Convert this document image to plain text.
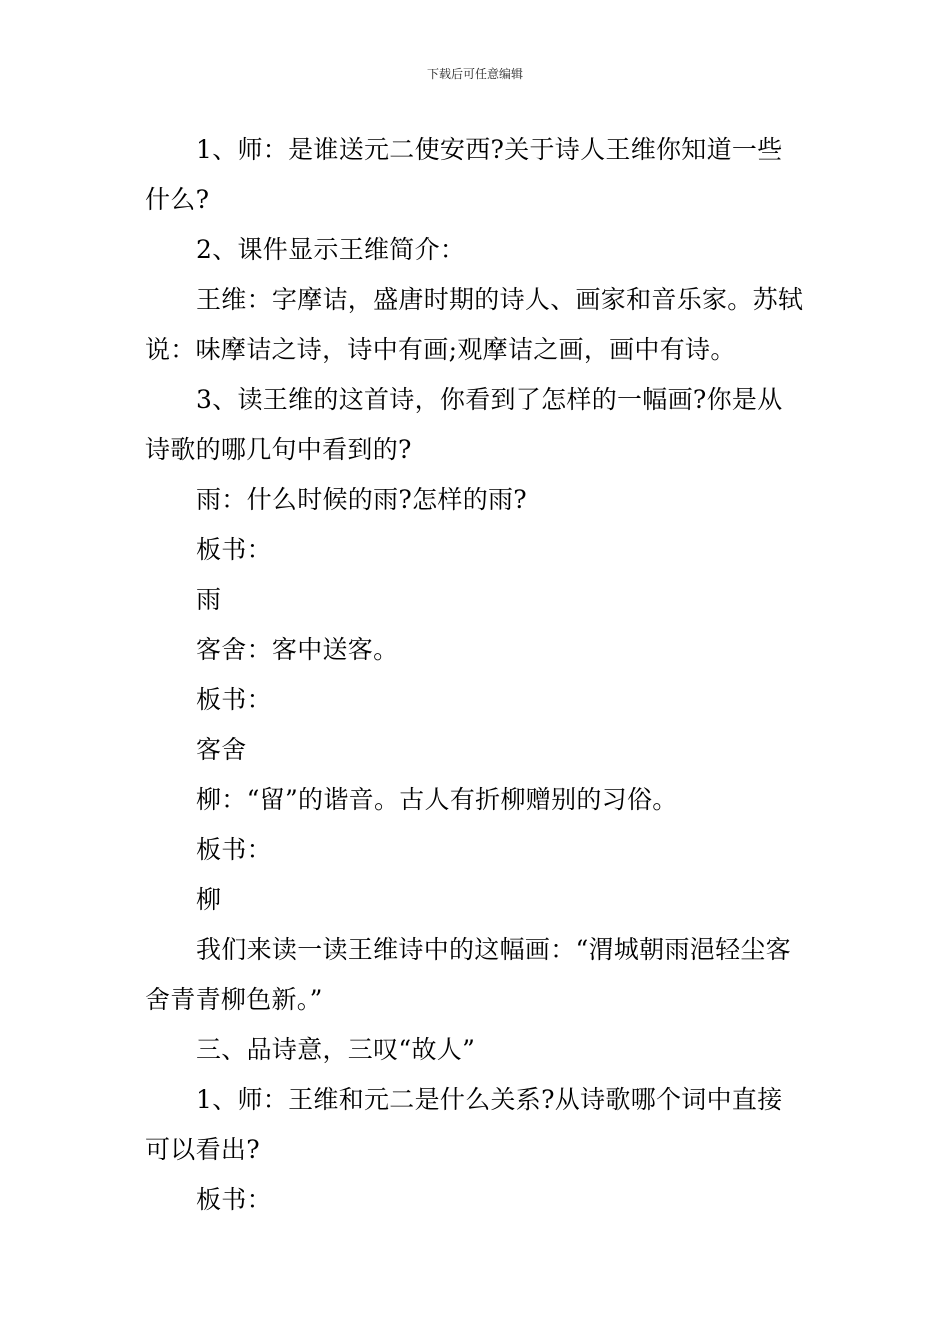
下载后可任意编辑

1、师：是谁送元二使安西?关于诗人王维你知道一些什么?

2、课件显示王维简介：

王维：字摩诘，盛唐时期的诗人、画家和音乐家。苏轼说：味摩诘之诗，诗中有画;观摩诘之画，画中有诗。

3、读王维的这首诗，你看到了怎样的一幅画?你是从诗歌的哪几句中看到的?

雨：什么时候的雨?怎样的雨?

板书：

雨

客舍：客中送客。

板书：

客舍

柳：“留”的谐音。古人有折柳赠别的习俗。

板书：

柳

我们来读一读王维诗中的这幅画：“渭城朝雨浥轻尘客舍青青柳色新。”

三、品诗意，三叹“故人”

1、师：王维和元二是什么关系?从诗歌哪个词中直接可以看出?

板书：
